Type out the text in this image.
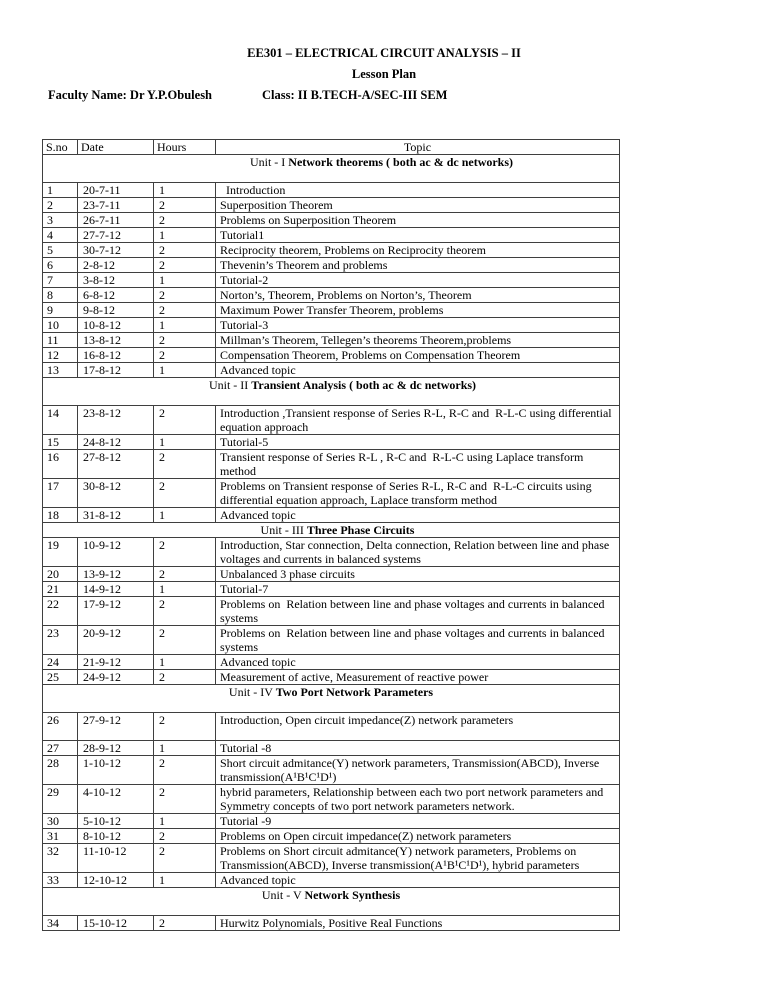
EE301 – ELECTRICAL CIRCUIT ANALYSIS – II
Lesson Plan
Faculty Name: Dr Y.P.Obulesh	Class: II B.TECH-A/SEC-III SEM
S.no	Date	Hours	Topic
Unit - I Network theorems ( both ac & dc networks)			
1	20-7-11	1	Introduction
2	23-7-11	2	Superposition Theorem
3	26-7-11	2	Problems on Superposition Theorem
4	27-7-12	1	Tutorial1
5	30-7-12	2	Reciprocity theorem, Problems on Reciprocity theorem
6	2-8-12	2	Thevenin’s Theorem and problems
7	3-8-12	1	Tutorial-2
8	6-8-12	2	Norton’s, Theorem, Problems on Norton’s, Theorem
9	9-8-12	2	Maximum Power Transfer Theorem, problems
10	10-8-12	1	Tutorial-3
11	13-8-12	2	Millman’s Theorem, Tellegen’s theorems Theorem,problems
12	16-8-12	2	Compensation Theorem, Problems on Compensation Theorem
13	17-8-12	1	Advanced topic
Unit - II Transient Analysis ( both ac & dc networks)			
14	23-8-12	2	Introduction ,Transient response of Series R-L, R-C and  R-L-C using differential equation approach
15	24-8-12	1	Tutorial-5
16	27-8-12	2	Transient response of Series R-L , R-C and  R-L-C using Laplace transform method
17	30-8-12	2	Problems on Transient response of Series R-L, R-C and  R-L-C circuits using differential equation approach, Laplace transform method
18	31-8-12	1	Advanced topic
Unit - III Three Phase Circuits			
19	10-9-12	2	Introduction, Star connection, Delta connection, Relation between line and phase voltages and currents in balanced systems
20	13-9-12	2	Unbalanced 3 phase circuits
21	14-9-12	1	Tutorial-7
22	17-9-12	2	Problems on  Relation between line and phase voltages and currents in balanced systems
23	20-9-12	2	Problems on  Relation between line and phase voltages and currents in balanced systems
24	21-9-12	1	Advanced topic
25	24-9-12	2	Measurement of active, Measurement of reactive power
Unit - IV Two Port Network Parameters			
26	27-9-12	2	Introduction, Open circuit impedance(Z) network parameters
27	28-9-12	1	Tutorial -8
28	1-10-12	2	Short circuit admitance(Y) network parameters, Transmission(ABCD), Inverse transmission(A¹B¹C¹D¹)
29	4-10-12	2	hybrid parameters, Relationship between each two port network parameters and Symmetry concepts of two port network parameters network.
30	5-10-12	1	Tutorial -9
31	8-10-12	2	Problems on Open circuit impedance(Z) network parameters
32	11-10-12	2	Problems on Short circuit admitance(Y) network parameters, Problems on Transmission(ABCD), Inverse transmission(A¹B¹C¹D¹), hybrid parameters
33	12-10-12	1	Advanced topic
Unit - V Network Synthesis			
34	15-10-12	2	Hurwitz Polynomials, Positive Real Functions
